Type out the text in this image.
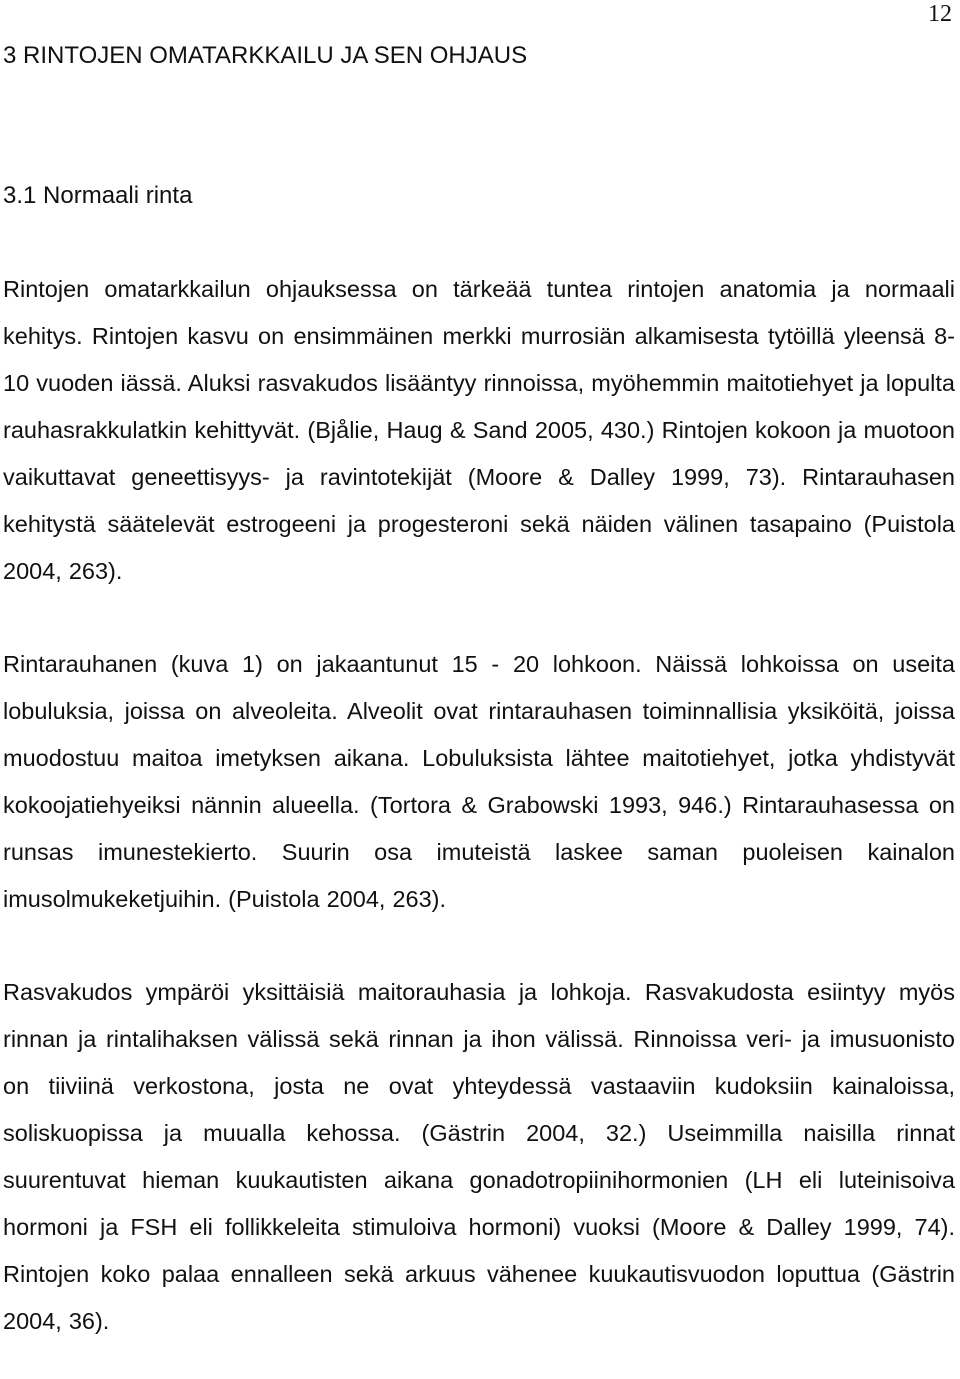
12
3 RINTOJEN OMATARKKAILU JA SEN OHJAUS
3.1 Normaali rinta

Rintojen omatarkkailun ohjauksessa on tärkeää tuntea rintojen anatomia ja normaali kehitys. Rintojen kasvu on ensimmäinen merkki murrosiän alkamisesta tytöillä yleensä 8-10 vuoden iässä. Aluksi rasvakudos lisääntyy rinnoissa, myöhemmin maitotiehyet ja lopulta rauhasrakkulatkin kehittyvät. (Bjålie, Haug & Sand 2005, 430.) Rintojen kokoon ja muotoon vaikuttavat geneettisyys- ja ravintotekijät (Moore & Dalley 1999, 73). Rintarauhasen kehitystä säätelevät estrogeeni ja progesteroni sekä näiden välinen tasapaino (Puistola 2004, 263).

Rintarauhanen (kuva 1) on jakaantunut 15 - 20 lohkoon. Näissä lohkoissa on useita lobuluksia, joissa on alveoleita. Alveolit ovat rintarauhasen toiminnallisia yksiköitä, joissa muodostuu maitoa imetyksen aikana. Lobuluksista lähtee maitotiehyet, jotka yhdistyvät kokoojatiehyeiksi nännin alueella. (Tortora & Grabowski 1993, 946.) Rintarauhasessa on runsas imunestekierto. Suurin osa imuteistä laskee saman puoleisen kainalon imusolmukeketjuihin. (Puistola 2004, 263).

Rasvakudos ympäröi yksittäisiä maitorauhasia ja lohkoja. Rasvakudosta esiintyy myös rinnan ja rintalihaksen välissä sekä rinnan ja ihon välissä. Rinnoissa veri- ja imusuonisto on tiiviinä verkostona, josta ne ovat yhteydessä vastaaviin kudoksiin kainaloissa, soliskuopissa ja muualla kehossa. (Gästrin 2004, 32.) Useimmilla naisilla rinnat suurentuvat hieman kuukautisten aikana gonadotropiinihormonien (LH eli luteinisoiva hormoni ja FSH eli follikkeleita stimuloiva hormoni) vuoksi (Moore & Dalley 1999, 74). Rintojen koko palaa ennalleen sekä arkuus vähenee kuukautisvuodon loputtua (Gästrin 2004, 36).
